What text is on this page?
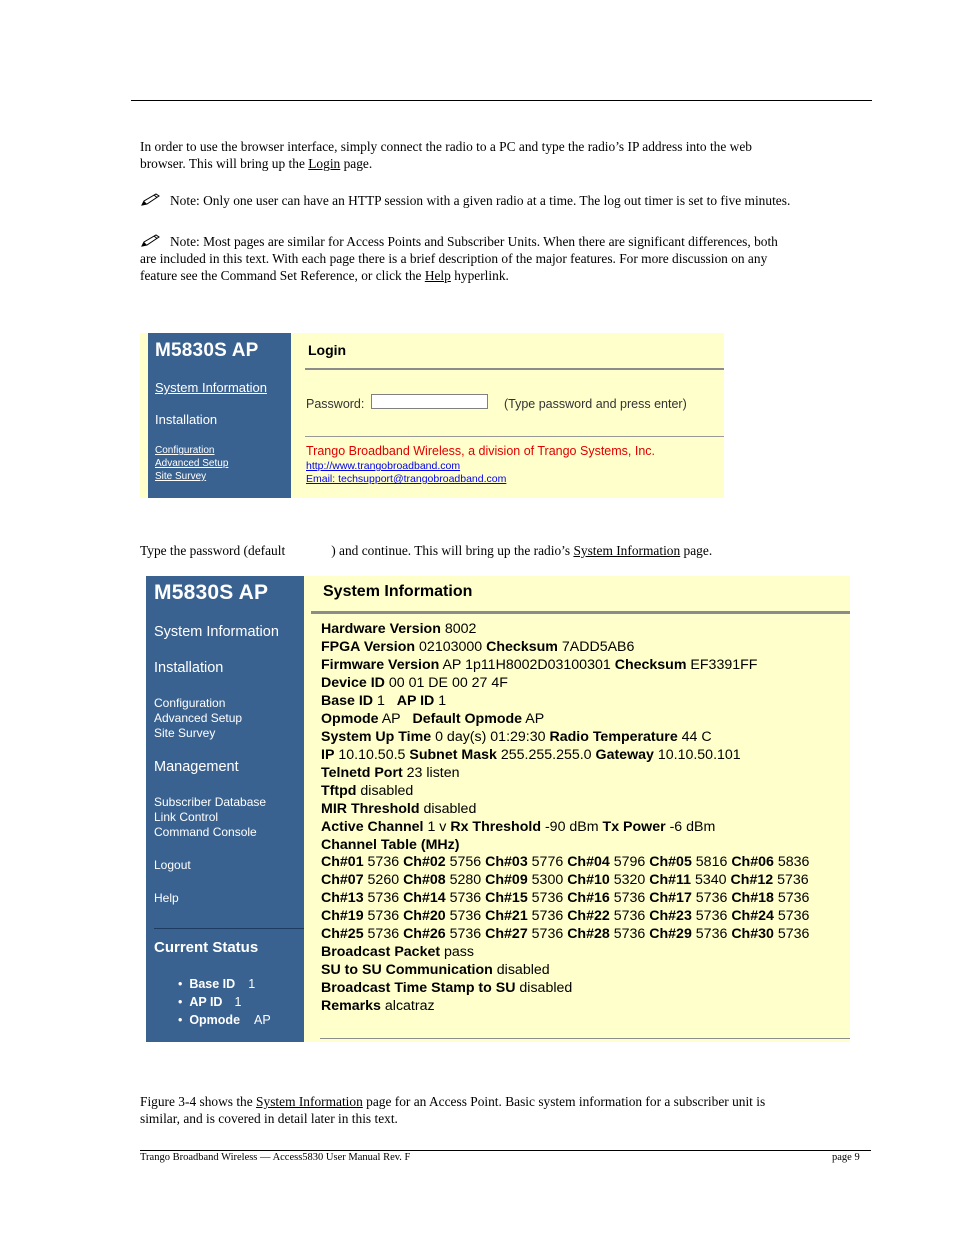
In order to use the browser interface, simply connect the radio to a PC and type the radio’s IP address into the web
browser. This will bring up the Login page.
Note: Only one user can have an HTTP session with a given radio at a time. The log out timer is set to five minutes.
Note: Most pages are similar for Access Points and Subscriber Units. When there are significant differences, both
are included in this text. With each page there is a brief description of the major features. For more discussion on any
feature see the Command Set Reference, or click the Help hyperlink.
M5830S AP
System Information
Installation
Configuration
Advanced Setup
Site Survey
Login
Password:	(Type password and press enter)
Trango Broadband Wireless, a division of Trango Systems, Inc.
http://www.trangobroadband.com
Email: techsupport@trangobroadband.com
Type the password (default	) and continue. This will bring up the radio’s System Information page.
M5830S AP
System Information
Installation
Configuration
Advanced Setup
Site Survey
Management
Subscriber Database
Link Control
Command Console
Logout
Help
Current Status
•  Base ID 1
•  AP ID 1
•  Opmode AP
System Information
Hardware Version 8002
FPGA Version 02103000 Checksum 7ADD5AB6
Firmware Version AP 1p11H8002D03100301 Checksum EF3391FF
Device ID 00 01 DE 00 27 4F
Base ID 1 AP ID 1
Opmode AP Default Opmode AP
System Up Time 0 day(s) 01:29:30 Radio Temperature 44 C
IP 10.10.50.5 Subnet Mask 255.255.255.0 Gateway 10.10.50.101
Telnetd Port 23 listen
Tftpd disabled
MIR Threshold disabled
Active Channel 1 v Rx Threshold -90 dBm Tx Power -6 dBm
Channel Table (MHz)
Ch#01 5736 Ch#02 5756 Ch#03 5776 Ch#04 5796 Ch#05 5816 Ch#06 5836
Ch#07 5260 Ch#08 5280 Ch#09 5300 Ch#10 5320 Ch#11 5340 Ch#12 5736
Ch#13 5736 Ch#14 5736 Ch#15 5736 Ch#16 5736 Ch#17 5736 Ch#18 5736
Ch#19 5736 Ch#20 5736 Ch#21 5736 Ch#22 5736 Ch#23 5736 Ch#24 5736
Ch#25 5736 Ch#26 5736 Ch#27 5736 Ch#28 5736 Ch#29 5736 Ch#30 5736
Broadcast Packet pass
SU to SU Communication disabled
Broadcast Time Stamp to SU disabled
Remarks alcatraz
Figure 3-4 shows the System Information page for an Access Point. Basic system information for a subscriber unit is
similar, and is covered in detail later in this text.
Trango Broadband Wireless — Access5830 User Manual Rev. F	page 9
